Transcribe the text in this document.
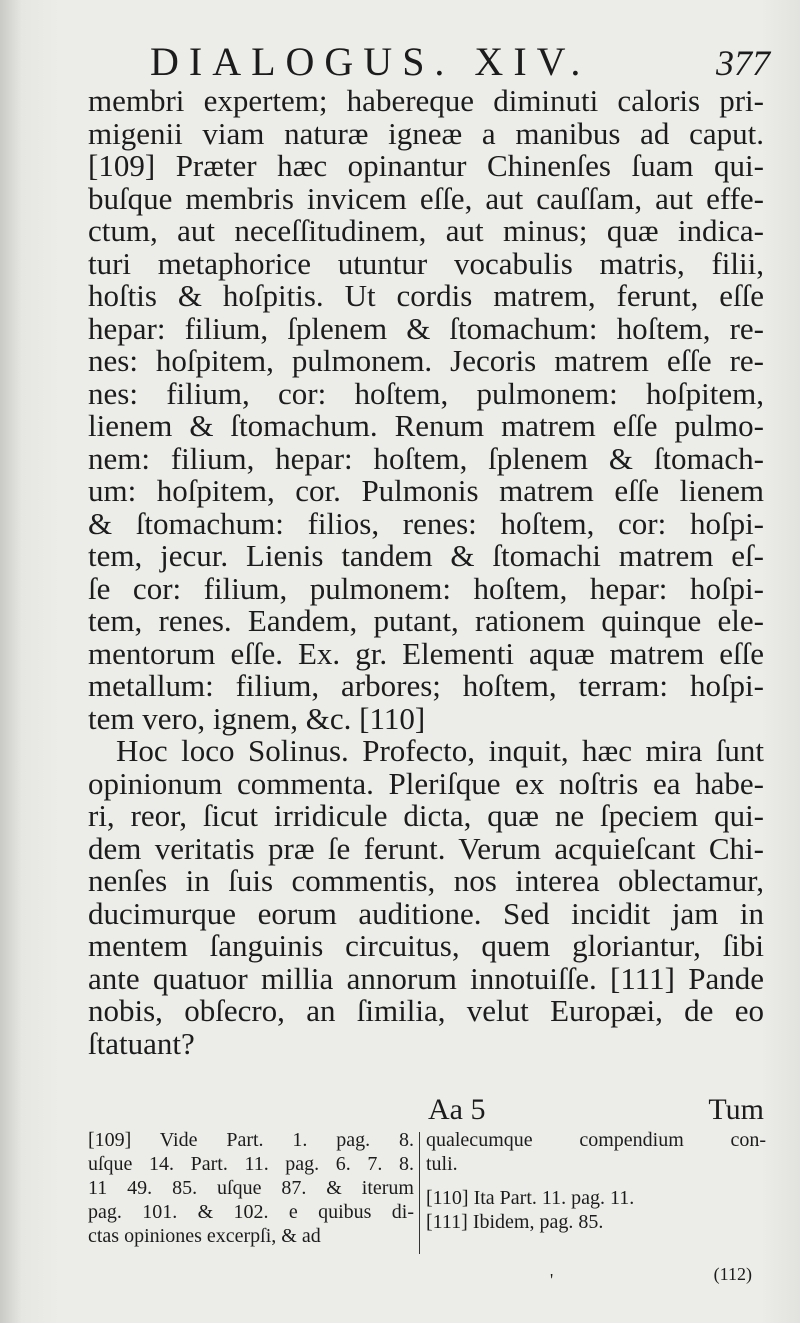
DIALOGUS. XIV.	377
membri expertem; habereque diminuti caloris pri-
migenii viam naturæ igneæ a manibus ad caput.
[109] Præter hæc opinantur Chinenſes ſuam qui-
buſque membris invicem eſſe, aut cauſſam, aut effe-
ctum, aut neceſſitudinem, aut minus; quæ indica-
turi metaphorice utuntur vocabulis matris, filii,
hoſtis & hoſpitis. Ut cordis matrem, ferunt, eſſe
hepar: filium, ſplenem & ſtomachum: hoſtem, re-
nes: hoſpitem, pulmonem. Jecoris matrem eſſe re-
nes: filium, cor: hoſtem, pulmonem: hoſpitem,
lienem & ſtomachum. Renum matrem eſſe pulmo-
nem: filium, hepar: hoſtem, ſplenem & ſtomach-
um: hoſpitem, cor. Pulmonis matrem eſſe lienem
& ſtomachum: filios, renes: hoſtem, cor: hoſpi-
tem, jecur. Lienis tandem & ſtomachi matrem eſ-
ſe cor: filium, pulmonem: hoſtem, hepar: hoſpi-
tem, renes. Eandem, putant, rationem quinque ele-
mentorum eſſe. Ex. gr. Elementi aquæ matrem eſſe
metallum: filium, arbores; hoſtem, terram: hoſpi-
tem vero, ignem, &c. [110]
Hoc loco Solinus. Profecto, inquit, hæc mira ſunt
opinionum commenta. Pleriſque ex noſtris ea habe-
ri, reor, ſicut irridicule dicta, quæ ne ſpeciem qui-
dem veritatis præ ſe ferunt. Verum acquieſcant Chi-
nenſes in ſuis commentis, nos interea oblectamur,
ducimurque eorum auditione. Sed incidit jam in
mentem ſanguinis circuitus, quem gloriantur, ſibi
ante quatuor millia annorum innotuiſſe. [111] Pande
nobis, obſecro, an ſimilia, velut Europæi, de eo
ſtatuant?
Aa 5	Tum
[109] Vide Part. 1. pag. 8.
uſque 14. Part. 11. pag. 6. 7. 8.
11 49. 85. uſque 87. & iterum
pag. 101. & 102. e quibus di-
ctas opiniones excerpſi, & ad
qualecumque compendium con-
tuli.
[110] Ita Part. 11. pag. 11.
[111] Ibidem, pag. 85.
'	(112)
